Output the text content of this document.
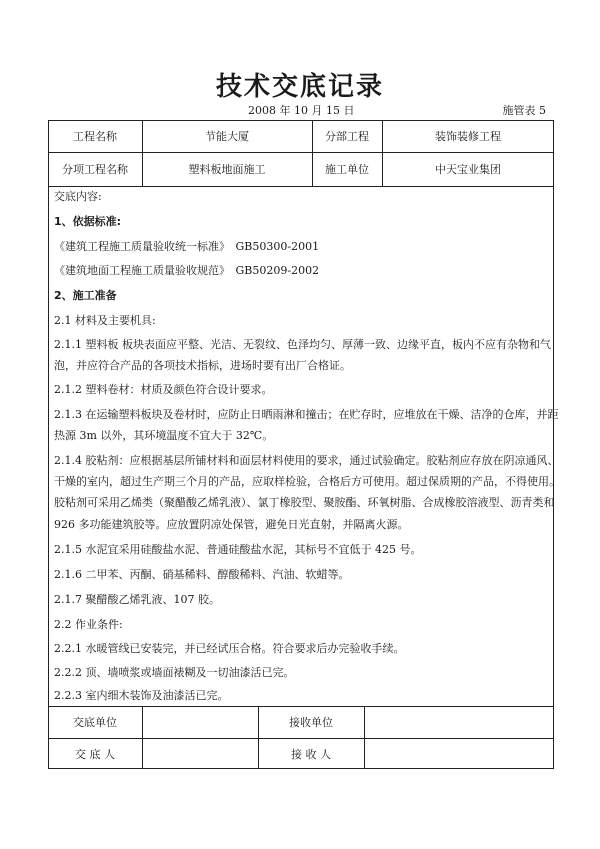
技术交底记录
2008 年 10 月 15 日	施管表 5
工程名称	节能大厦	分部工程	装饰装修工程
分项工程名称	塑料板地面施工	施工单位	中天宝业集团
交底内容:
1、依据标准:
《建筑工程施工质量验收统一标准》　GB50300-2001
《建筑地面工程施工质量验收规范》　GB50209-2002
2、施工准备
2.1 材料及主要机具:
2.1.1 塑料板 板块表面应平整、光洁、无裂纹、色泽均匀、厚薄一致、边缘平直，板内不应有杂物和气
泡，并应符合产品的各项技术指标，进场时要有出厂合格证。
2.1.2 塑料卷材：材质及颜色符合设计要求。
2.1.3 在运输塑料板块及卷材时，应防止日晒雨淋和撞击；在贮存时，应堆放在干燥、洁净的仓库，并距
热源 3m 以外，其环境温度不宜大于 32℃。
2.1.4 胶粘剂：应根据基层所铺材料和面层材料使用的要求，通过试验确定。胶粘剂应存放在阴凉通风、
干燥的室内，超过生产期三个月的产品，应取样检验，合格后方可使用。超过保质期的产品，不得使用。
胶粘剂可采用乙烯类（聚醋酸乙烯乳液）、氯丁橡胶型、聚胺酯、环氧树脂、合成橡胶溶液型、沥青类和
926 多功能建筑胶等。应放置阴凉处保管，避免日光直射，并隔离火源。
2.1.5 水泥宜采用硅酸盐水泥、普通硅酸盐水泥，其标号不宜低于 425 号。
2.1.6 二甲苯、丙酮、硝基稀料、醇酸稀料、汽油、软蜡等。
2.1.7 聚醋酸乙烯乳液、107 胶。
2.2 作业条件:
2.2.1 水暖管线已安装完，并已经试压合格。符合要求后办完验收手续。
2.2.2 顶、墙喷浆或墙面裱糊及一切油漆活已完。
2.2.3 室内细木装饰及油漆活已完。
交底单位	接收单位
交 底 人	接 收 人
